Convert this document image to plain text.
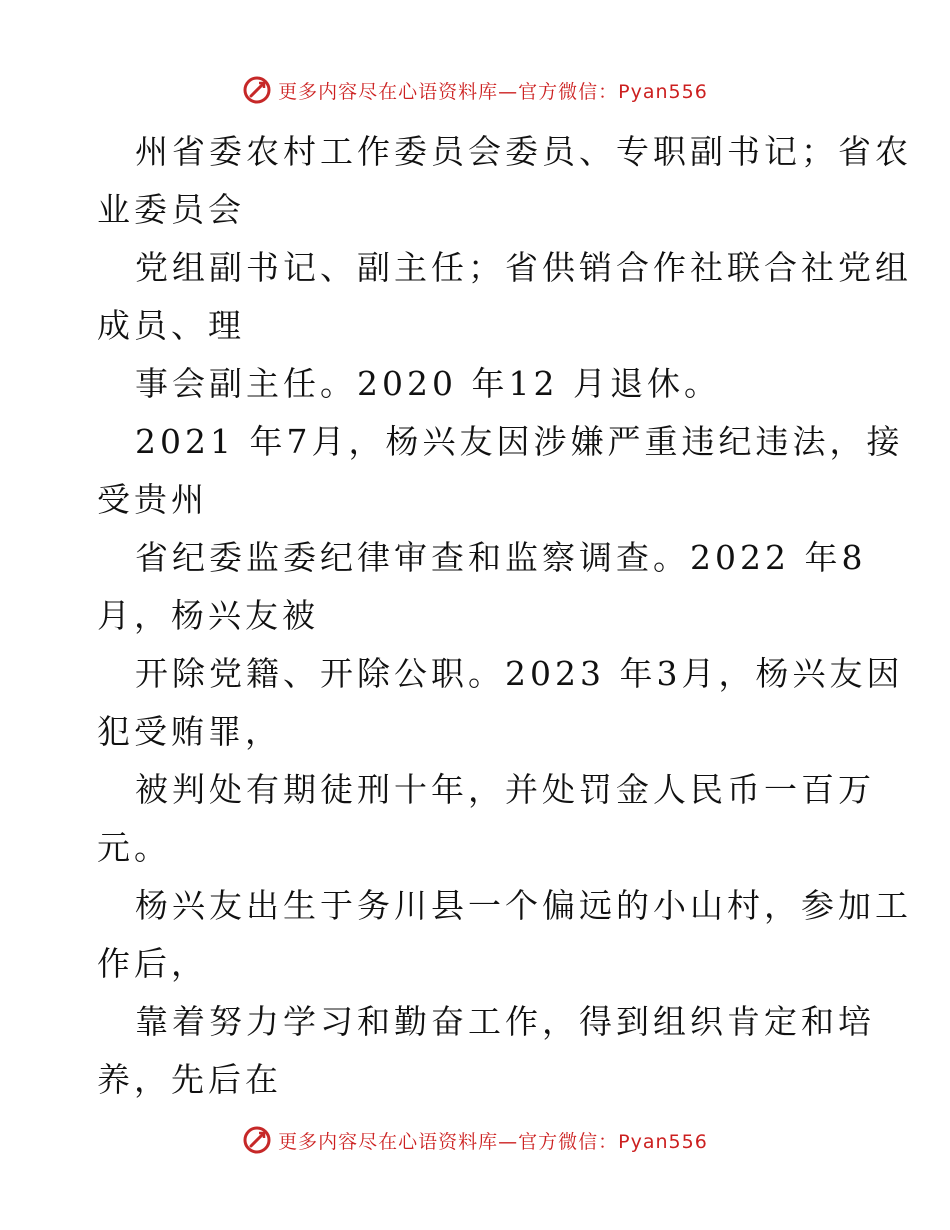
更多内容尽在心语资料库—官方微信：Pyan556
州省委农村工作委员会委员、专职副书记；省农
业委员会
党组副书记、副主任；省供销合作社联合社党组
成员、理
事会副主任。2020 年12 月退休。
2021 年7月，杨兴友因涉嫌严重违纪违法，接
受贵州
省纪委监委纪律审查和监察调查。2022 年8
月，杨兴友被
开除党籍、开除公职。2023 年3月，杨兴友因
犯受贿罪，
被判处有期徒刑十年，并处罚金人民币一百万
元。
杨兴友出生于务川县一个偏远的小山村，参加工
作后，
靠着努力学习和勤奋工作，得到组织肯定和培
养，先后在
更多内容尽在心语资料库—官方微信：Pyan556
